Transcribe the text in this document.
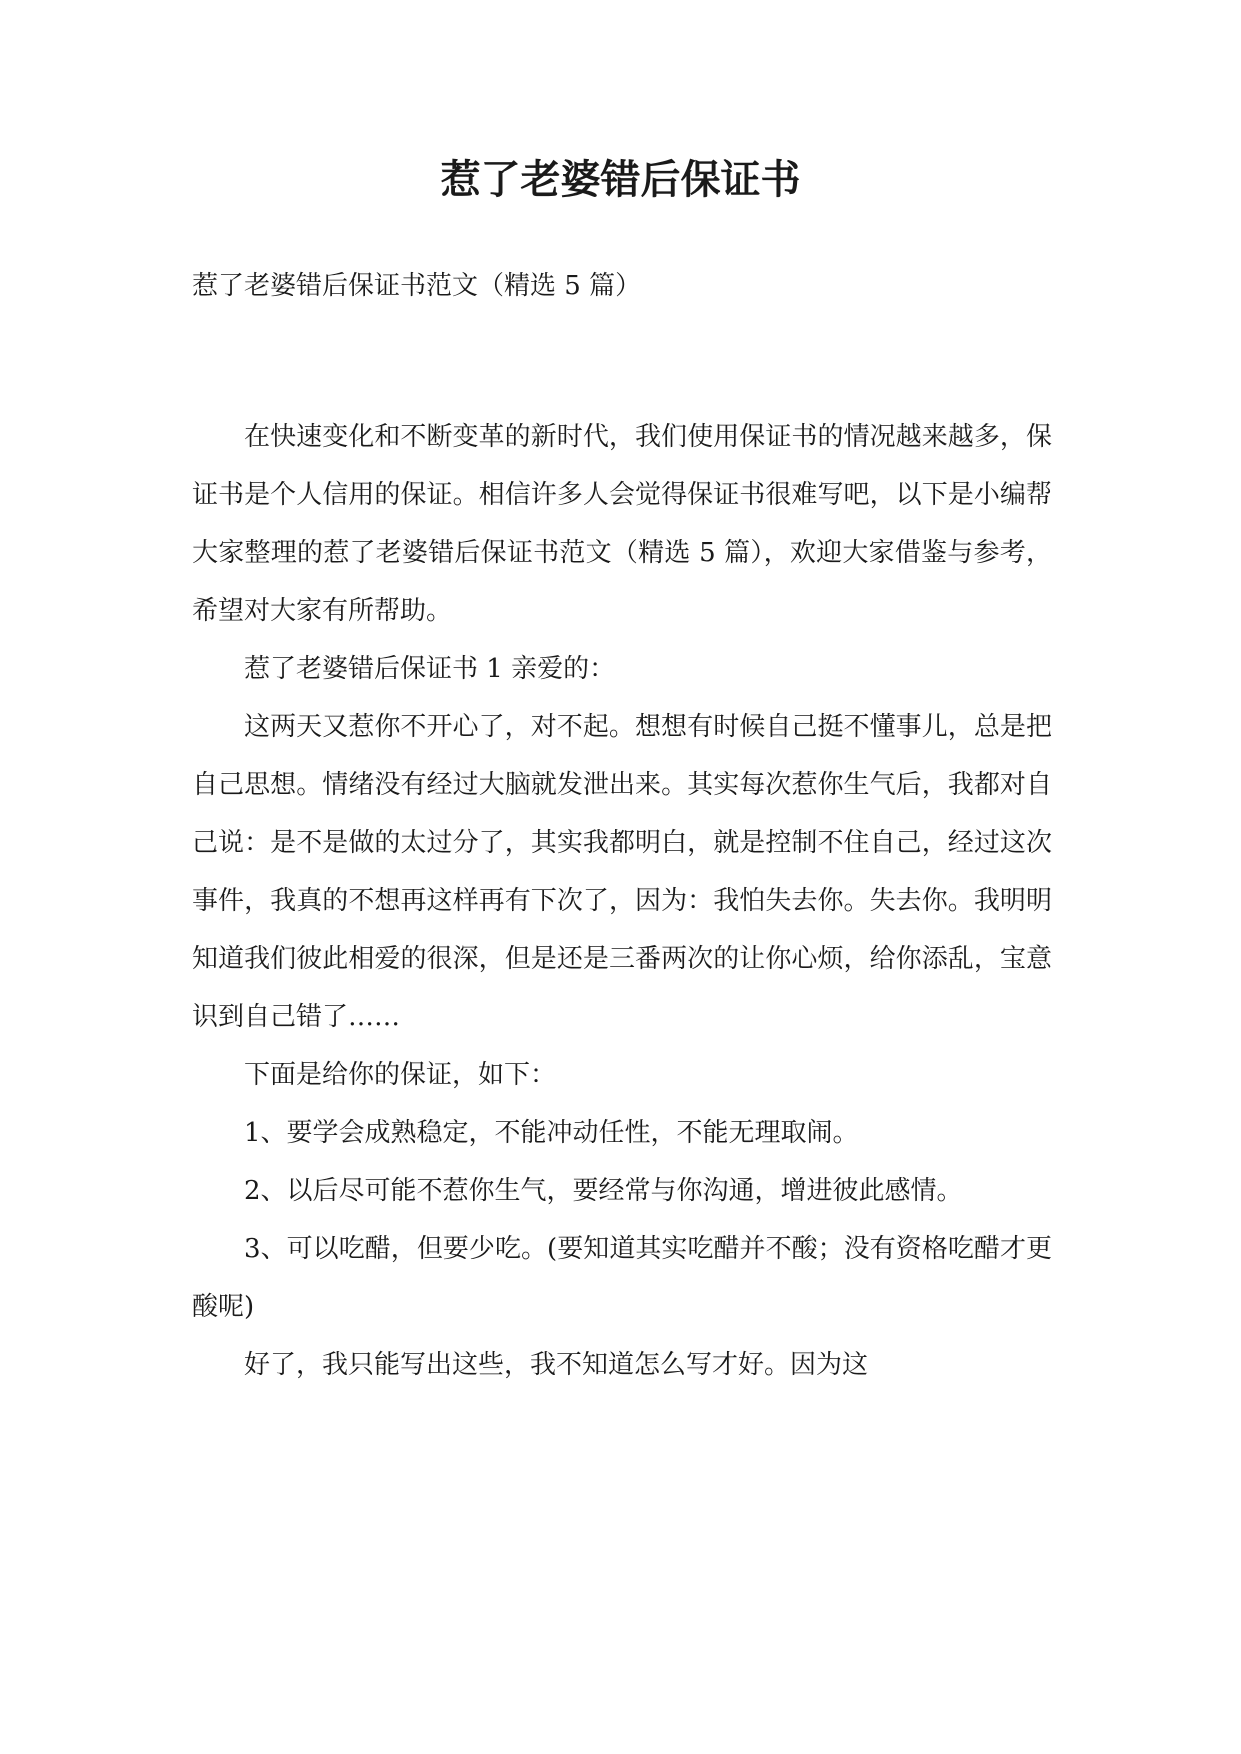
惹了老婆错后保证书

惹了老婆错后保证书范文（精选 5 篇）

在快速变化和不断变革的新时代，我们使用保证书的情况越来越多，保证书是个人信用的保证。相信许多人会觉得保证书很难写吧，以下是小编帮大家整理的惹了老婆错后保证书范文（精选 5 篇），欢迎大家借鉴与参考，希望对大家有所帮助。

惹了老婆错后保证书 1 亲爱的：

这两天又惹你不开心了，对不起。想想有时候自己挺不懂事儿，总是把自己思想。情绪没有经过大脑就发泄出来。其实每次惹你生气后，我都对自己说：是不是做的太过分了，其实我都明白，就是控制不住自己，经过这次事件，我真的不想再这样再有下次了，因为：我怕失去你。失去你。我明明知道我们彼此相爱的很深，但是还是三番两次的让你心烦，给你添乱，宝意识到自己错了……

下面是给你的保证，如下：

1、要学会成熟稳定，不能冲动任性，不能无理取闹。

2、以后尽可能不惹你生气，要经常与你沟通，增进彼此感情。

3、可以吃醋，但要少吃。(要知道其实吃醋并不酸；没有资格吃醋才更酸呢)

好了，我只能写出这些，我不知道怎么写才好。因为这
